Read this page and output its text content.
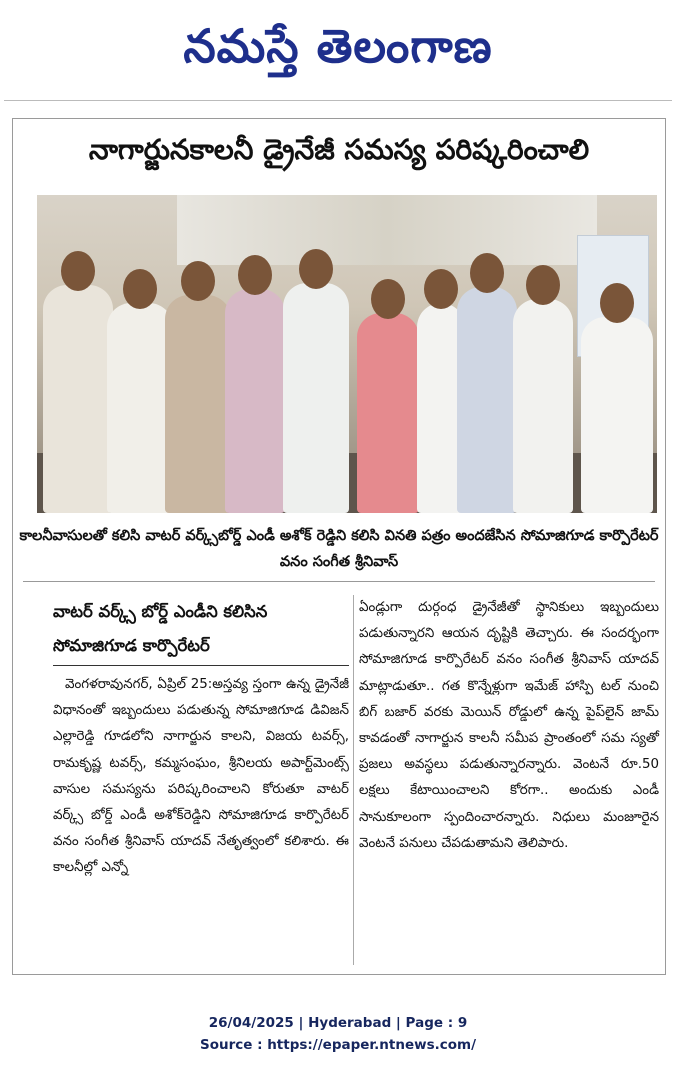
నమస్తే తెలంగాణ
నాగార్జునకాలనీ డ్రైనేజీ సమస్య పరిష్కరించాలి
కాలనీవాసులతో కలిసి వాటర్ వర్క్స్‌బోర్డ్ ఎండీ అశోక్ రెడ్డిని కలిసి వినతి పత్రం అందజేసిన సోమాజిగూడ కార్పొరేటర్ వనం సంగీత శ్రీనివాస్
వాటర్ వర్క్స్ బోర్డ్ ఎండీని కలిసిన
సోమాజిగూడ కార్పొరేటర్

వెంగళరావునగర్, ఏప్రిల్ 25:అస్తవ్య స్తంగా ఉన్న డ్రైనేజీ విధానంతో ఇబ్బందులు పడుతున్న సోమాజిగూడ డివిజన్ ఎల్లారెడ్డి గూడలోని నాగార్జున కాలని, విజయ టవర్స్, రామకృష్ణ టవర్స్, కమ్మసంఘం, శ్రీనిలయ అపార్ట్‌మెంట్స్ వాసుల సమస్యను పరిష్కరించాలని కోరుతూ వాటర్ వర్క్స్ బోర్డ్ ఎండీ అశోక్‌రెడ్డిని సోమాజిగూడ కార్పొరేటర్ వనం సంగీత శ్రీనివాస్ యాదవ్ నేతృత్వంలో కలిశారు. ఈ కాలనీల్లో ఎన్నో

ఏండ్లుగా దుర్గంధ డ్రైనేజీతో స్థానికులు ఇబ్బందులు పడుతున్నారని ఆయన దృష్టికి తెచ్చారు. ఈ సందర్భంగా సోమాజిగూడ కార్పొరేటర్ వనం సంగీత శ్రీనివాస్ యాదవ్ మాట్లాడుతూ.. గత కొన్నేళ్లుగా ఇమేజ్ హాస్పి టల్ నుంచి బిగ్ బజార్ వరకు మెయిన్ రోడ్డులో ఉన్న పైప్‌లైన్ జామ్ కావడంతో నాగార్జున కాలనీ సమీప ప్రాంతంలో సమ స్యతో ప్రజలు అవస్థలు పడుతున్నారన్నారు. వెంటనే రూ.50 లక్షలు కేటాయించాలని కోరగా.. అందుకు ఎండీ సానుకూలంగా స్పందించారన్నారు. నిధులు మంజూరైన వెంటనే పనులు చేపడుతామని తెలిపారు.

26/04/2025 | Hyderabad | Page : 9
Source : https://epaper.ntnews.com/
